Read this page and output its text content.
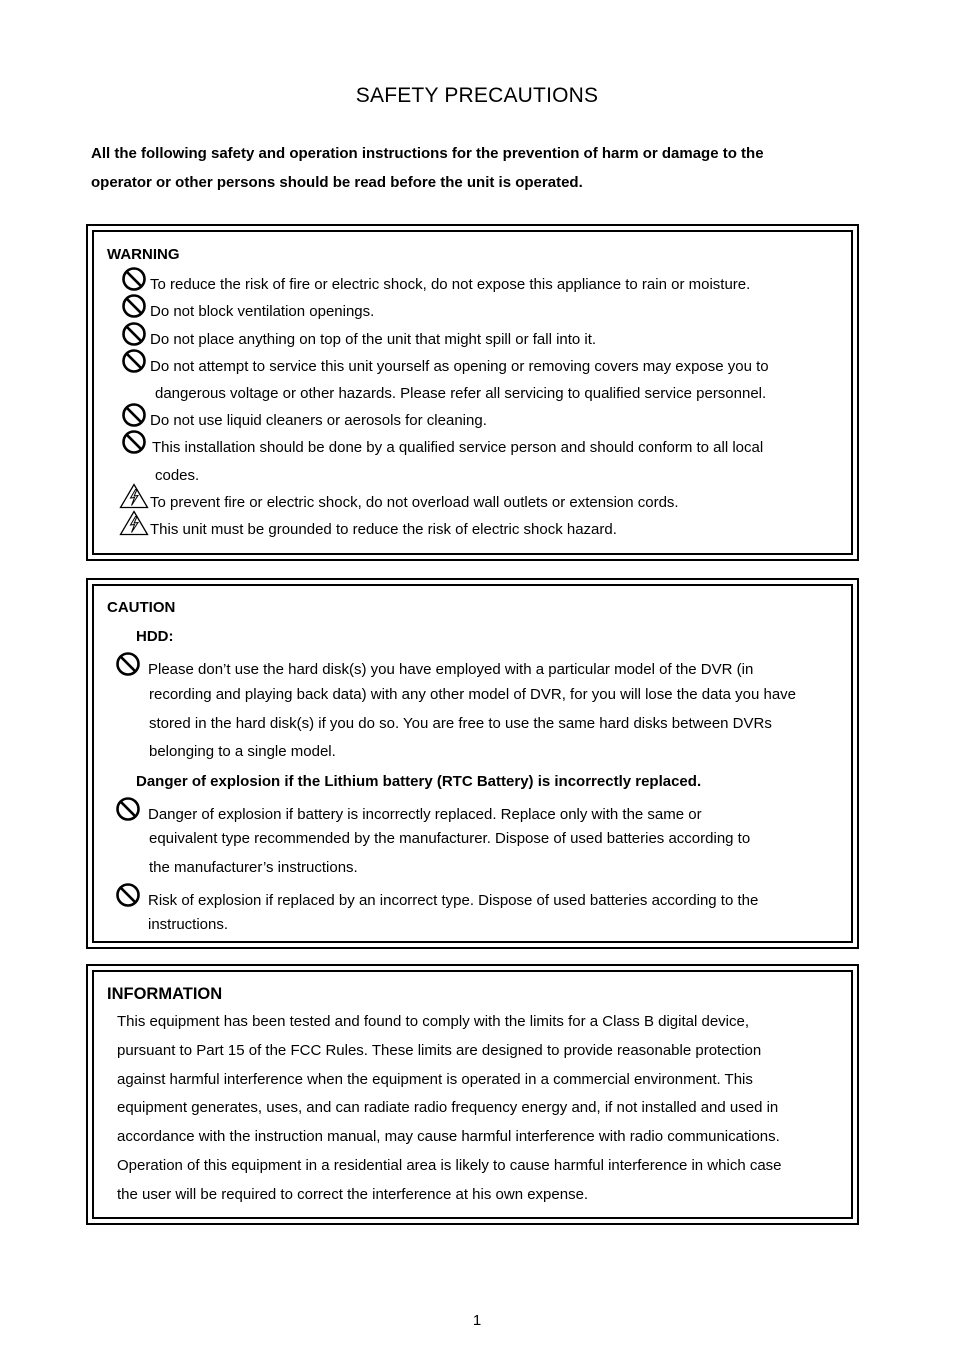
SAFETY PRECAUTIONS
All the following safety and operation instructions for the prevention of harm or damage to the
operator or other persons should be read before the unit is operated.
WARNING
To reduce the risk of fire or electric shock, do not expose this appliance to rain or moisture.
Do not block ventilation openings.
Do not place anything on top of the unit that might spill or fall into it.
Do not attempt to service this unit yourself as opening or removing covers may expose you to
dangerous voltage or other hazards. Please refer all servicing to qualified service personnel.
Do not use liquid cleaners or aerosols for cleaning.
This installation should be done by a qualified service person and should conform to all local
codes.
To prevent fire or electric shock, do not overload wall outlets or extension cords.
This unit must be grounded to reduce the risk of electric shock hazard.
CAUTION
HDD:
Please don’t use the hard disk(s) you have employed with a particular model of the DVR (in
recording and playing back data) with any other model of DVR, for you will lose the data you have
stored in the hard disk(s) if you do so. You are free to use the same hard disks between DVRs
belonging to a single model.
Danger of explosion if the Lithium battery (RTC Battery) is incorrectly replaced.
Danger of explosion if battery is incorrectly replaced. Replace only with the same or
equivalent type recommended by the manufacturer. Dispose of used batteries according to
the manufacturer’s instructions.
Risk of explosion if replaced by an incorrect type. Dispose of used batteries according to the
instructions.
INFORMATION
This equipment has been tested and found to comply with the limits for a Class B digital device,
pursuant to Part 15 of the FCC Rules. These limits are designed to provide reasonable protection
against harmful interference when the equipment is operated in a commercial environment. This
equipment generates, uses, and can radiate radio frequency energy and, if not installed and used in
accordance with the instruction manual, may cause harmful interference with radio communications.
Operation of this equipment in a residential area is likely to cause harmful interference in which case
the user will be required to correct the interference at his own expense.
1
